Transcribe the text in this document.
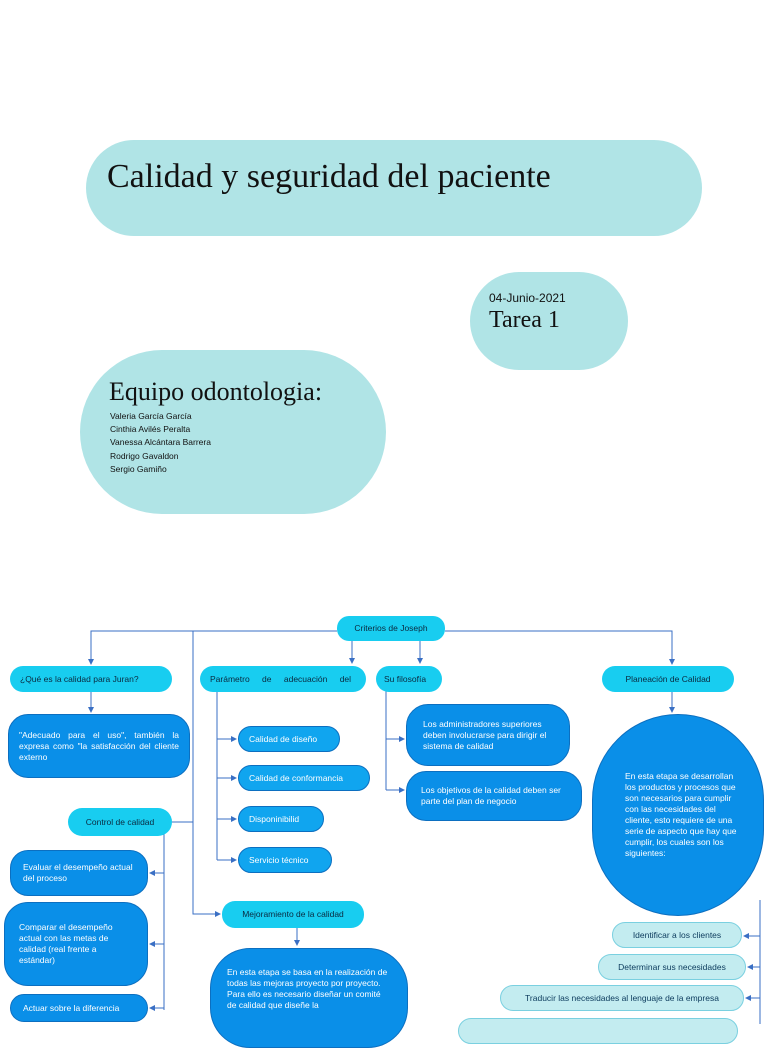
Calidad y seguridad del paciente
04-Junio-2021
Tarea 1
Equipo odontologia:
Valeria García García
Cinthia Avilés Peralta
Vanessa Alcántara Barrera
Rodrigo Gavaldon
Sergio Gamiño
Criterios de Joseph
¿Qué es la calidad para Juran?
"Adecuado para el uso", también la expresa como "la satisfacción del cliente externo
Control de calidad
Evaluar el desempeño actual del proceso
Comparar el desempeño actual con las metas de calidad (real frente a estándar)
Actuar sobre la diferencia
Parámetro de adecuación del
Calidad de diseño
Calidad de conformancia
Disponinibilid
Servicio técnico
Mejoramiento de la calidad
En esta etapa se basa en la realización de todas las mejoras proyecto por proyecto. Para ello es necesario diseñar un comité de calidad que diseñe la
Su filosofía
Los administradores superiores deben involucrarse para dirigir el sistema de calidad
Los objetivos de la calidad deben ser parte del plan de negocio
Planeación de Calidad
En esta etapa se desarrollan los productos y procesos que son necesarios para cumplir con las necesidades del cliente, esto requiere de una serie de aspecto que hay que cumplir, los cuales son los siguientes:
Identificar a los clientes
Determinar sus necesidades
Traducir las necesidades al lenguaje de la empresa
